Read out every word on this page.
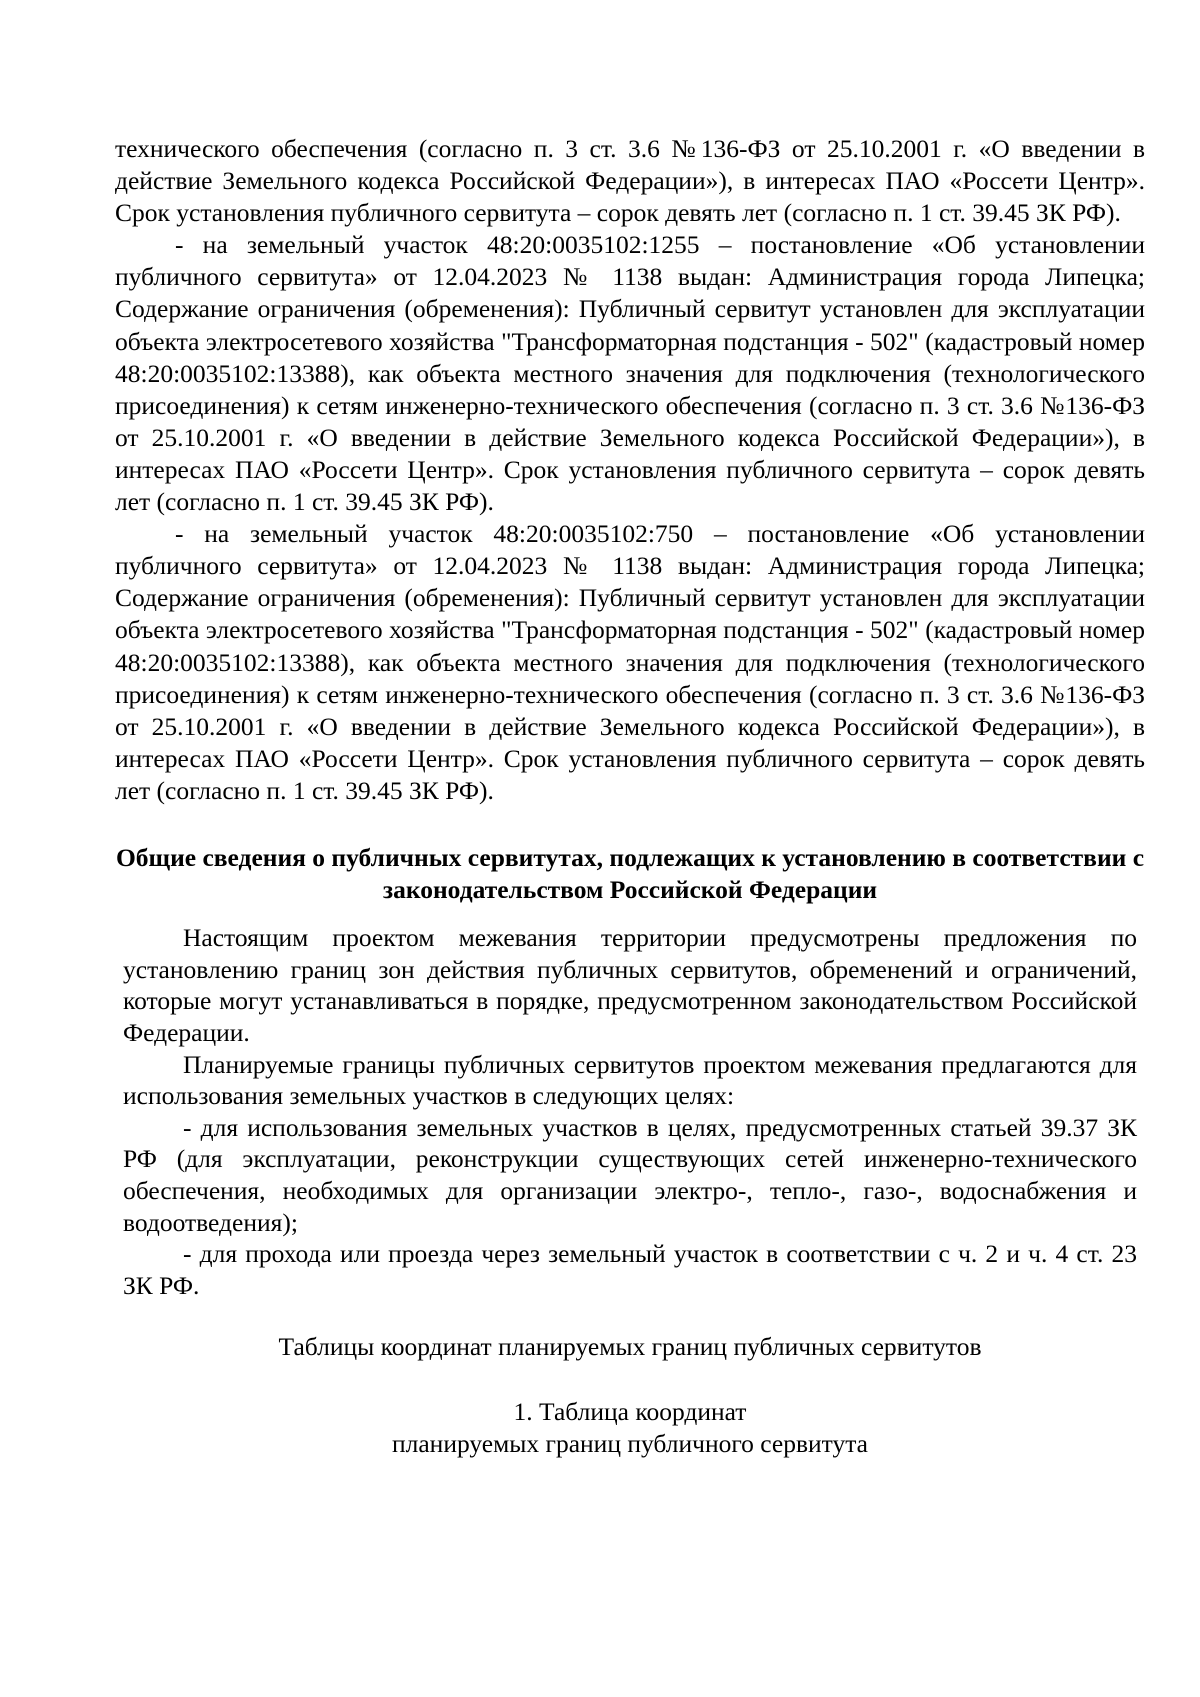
технического обеспечения (согласно п. 3 ст. 3.6 №136-ФЗ от 25.10.2001 г. «О введении в действие Земельного кодекса Российской Федерации»), в интересах ПАО «Россети Центр». Срок установления публичного сервитута – сорок девять лет (согласно п. 1 ст. 39.45 ЗК РФ).

- на земельный участок 48:20:0035102:1255 – постановление «Об установлении публичного сервитута» от 12.04.2023 № 1138 выдан: Администрация города Липецка; Содержание ограничения (обременения): Публичный сервитут установлен для эксплуатации объекта электросетевого хозяйства "Трансформаторная подстанция - 502" (кадастровый номер 48:20:0035102:13388), как объекта местного значения для подключения (технологического присоединения) к сетям инженерно-технического обеспечения (согласно п. 3 ст. 3.6 №136-ФЗ от 25.10.2001 г. «О введении в действие Земельного кодекса Российской Федерации»), в интересах ПАО «Россети Центр». Срок установления публичного сервитута – сорок девять лет (согласно п. 1 ст. 39.45 ЗК РФ).

- на земельный участок 48:20:0035102:750 – постановление «Об установлении публичного сервитута» от 12.04.2023 № 1138 выдан: Администрация города Липецка; Содержание ограничения (обременения): Публичный сервитут установлен для эксплуатации объекта электросетевого хозяйства "Трансформаторная подстанция - 502" (кадастровый номер 48:20:0035102:13388), как объекта местного значения для подключения (технологического присоединения) к сетям инженерно-технического обеспечения (согласно п. 3 ст. 3.6 №136-ФЗ от 25.10.2001 г. «О введении в действие Земельного кодекса Российской Федерации»), в интересах ПАО «Россети Центр». Срок установления публичного сервитута – сорок девять лет (согласно п. 1 ст. 39.45 ЗК РФ).

Общие сведения о публичных сервитутах, подлежащих к установлению в соответствии с законодательством Российской Федерации

Настоящим проектом межевания территории предусмотрены предложения по установлению границ зон действия публичных сервитутов, обременений и ограничений, которые могут устанавливаться в порядке, предусмотренном законодательством Российской Федерации.

Планируемые границы публичных сервитутов проектом межевания предлагаются для использования земельных участков в следующих целях:

- для использования земельных участков в целях, предусмотренных статьей 39.37 ЗК РФ (для эксплуатации, реконструкции существующих сетей инженерно-технического обеспечения, необходимых для организации электро-, тепло-, газо-, водоснабжения и водоотведения);

- для прохода или проезда через земельный участок в соответствии с ч. 2 и ч. 4 ст. 23 ЗК РФ.

Таблицы координат планируемых границ публичных сервитутов

1. Таблица координат
планируемых границ публичного сервитута
